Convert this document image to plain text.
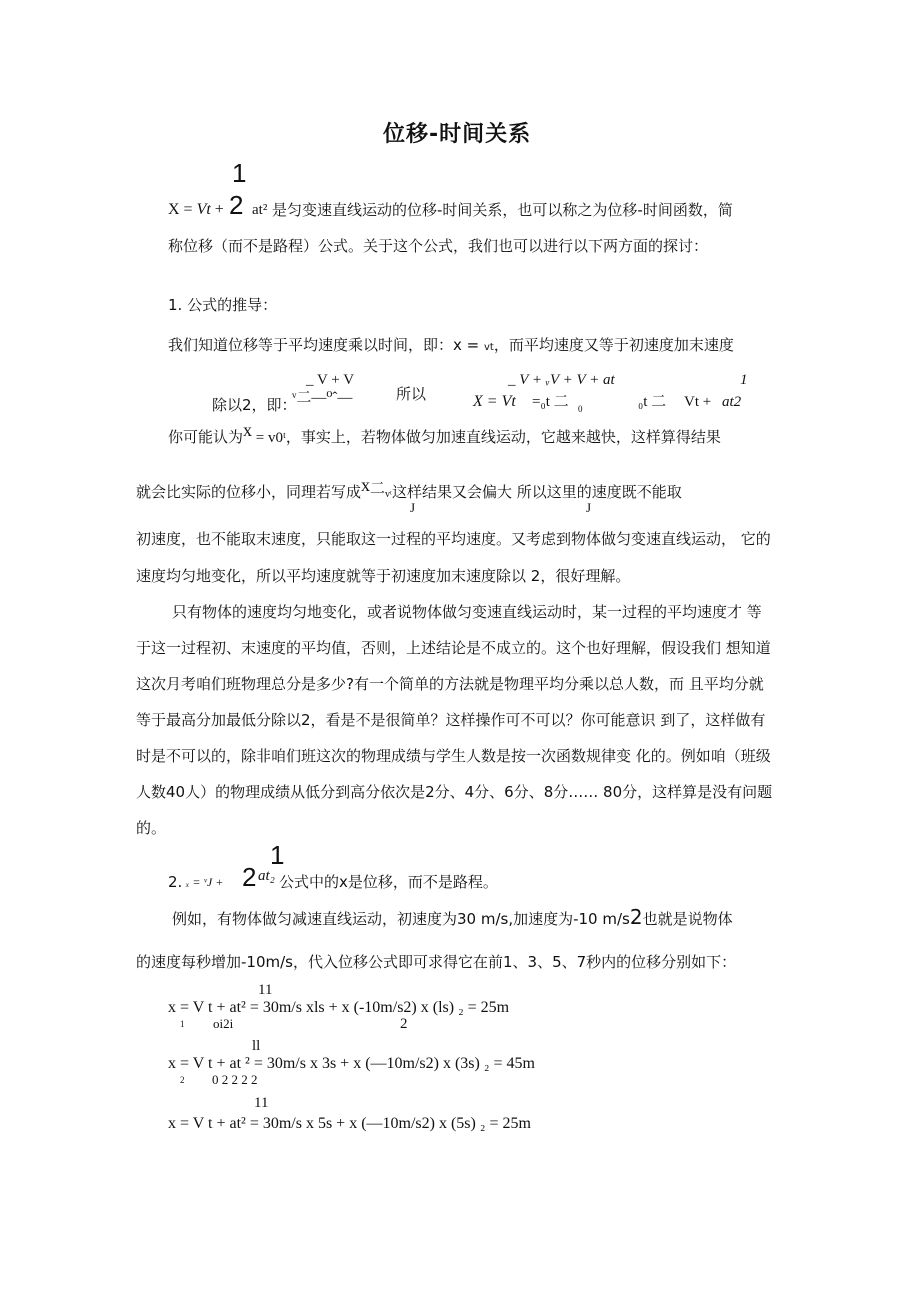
位移-时间关系
1
X = Vt + 2 at² 是匀变速直线运动的位移-时间关系，也可以称之为位移-时间函数，简
称位移（而不是路程）公式。关于这个公式，我们也可以进行以下两方面的探讨：
1. 公式的推导：
我们知道位移等于平均速度乘以时间，即：x = vt，而平均速度又等于初速度加末速度
_ V + V
除以2，即：
ᵛ二—⁰ˆ—	所以
_ V + ᵥV + V + at	1
X = Vt =₀t 二 0	₀t 二 Vt + at2
你可能认为x = v0ᵗ，事实上，若物体做匀加速直线运动，它越来越快，这样算得结果
就会比实际的位移小，同理若写成x二vᵗ这样结果又会偏大 所以这里的速度既不能取
J	J
初速度，也不能取末速度，只能取这一过程的平均速度。又考虑到物体做匀变速直线运动， 它的
速度均匀地变化，所以平均速度就等于初速度加末速度除以 2，很好理解。
只有物体的速度均匀地变化，或者说物体做匀变速直线运动时，某一过程的平均速度才 等
于这一过程初、末速度的平均值，否则，上述结论是不成立的。这个也好理解，假设我们 想知道
这次月考咱们班物理总分是多少?有一个简单的方法就是物理平均分乘以总人数，而 且平均分就
等于最高分加最低分除以2，看是不是很简单？这样操作可不可以？你可能意识 到了，这样做有
时是不可以的，除非咱们班这次的物理成绩与学生人数是按一次函数规律变 化的。例如咱（班级
人数40人）的物理成绩从低分到高分依次是2分、4分、6分、8分…… 80分，这样算是没有问题
的。
1
2. ₓ = ᵛJ + 2 at₂ 公式中的x是位移，而不是路程。
例如，有物体做匀减速直线运动，初速度为30 m/s,加速度为-10 m/s2也就是说物体
的速度每秒增加-10m/s，代入位移公式即可求得它在前1、3、5、7秒内的位移分别如下：
11
x = V t + at² = 30m/s xls + x (-10m/s2) x (ls) ₂ = 25m
1 oi2i	2
ll
x = V t + at ² = 30m/s x 3s + x (—10m/s2) x (3s) ₂ = 45m
2 0 2 2 2 2
11
x = V t + at² = 30m/s x 5s + x (—10m/s2) x (5s) ₂ = 25m
